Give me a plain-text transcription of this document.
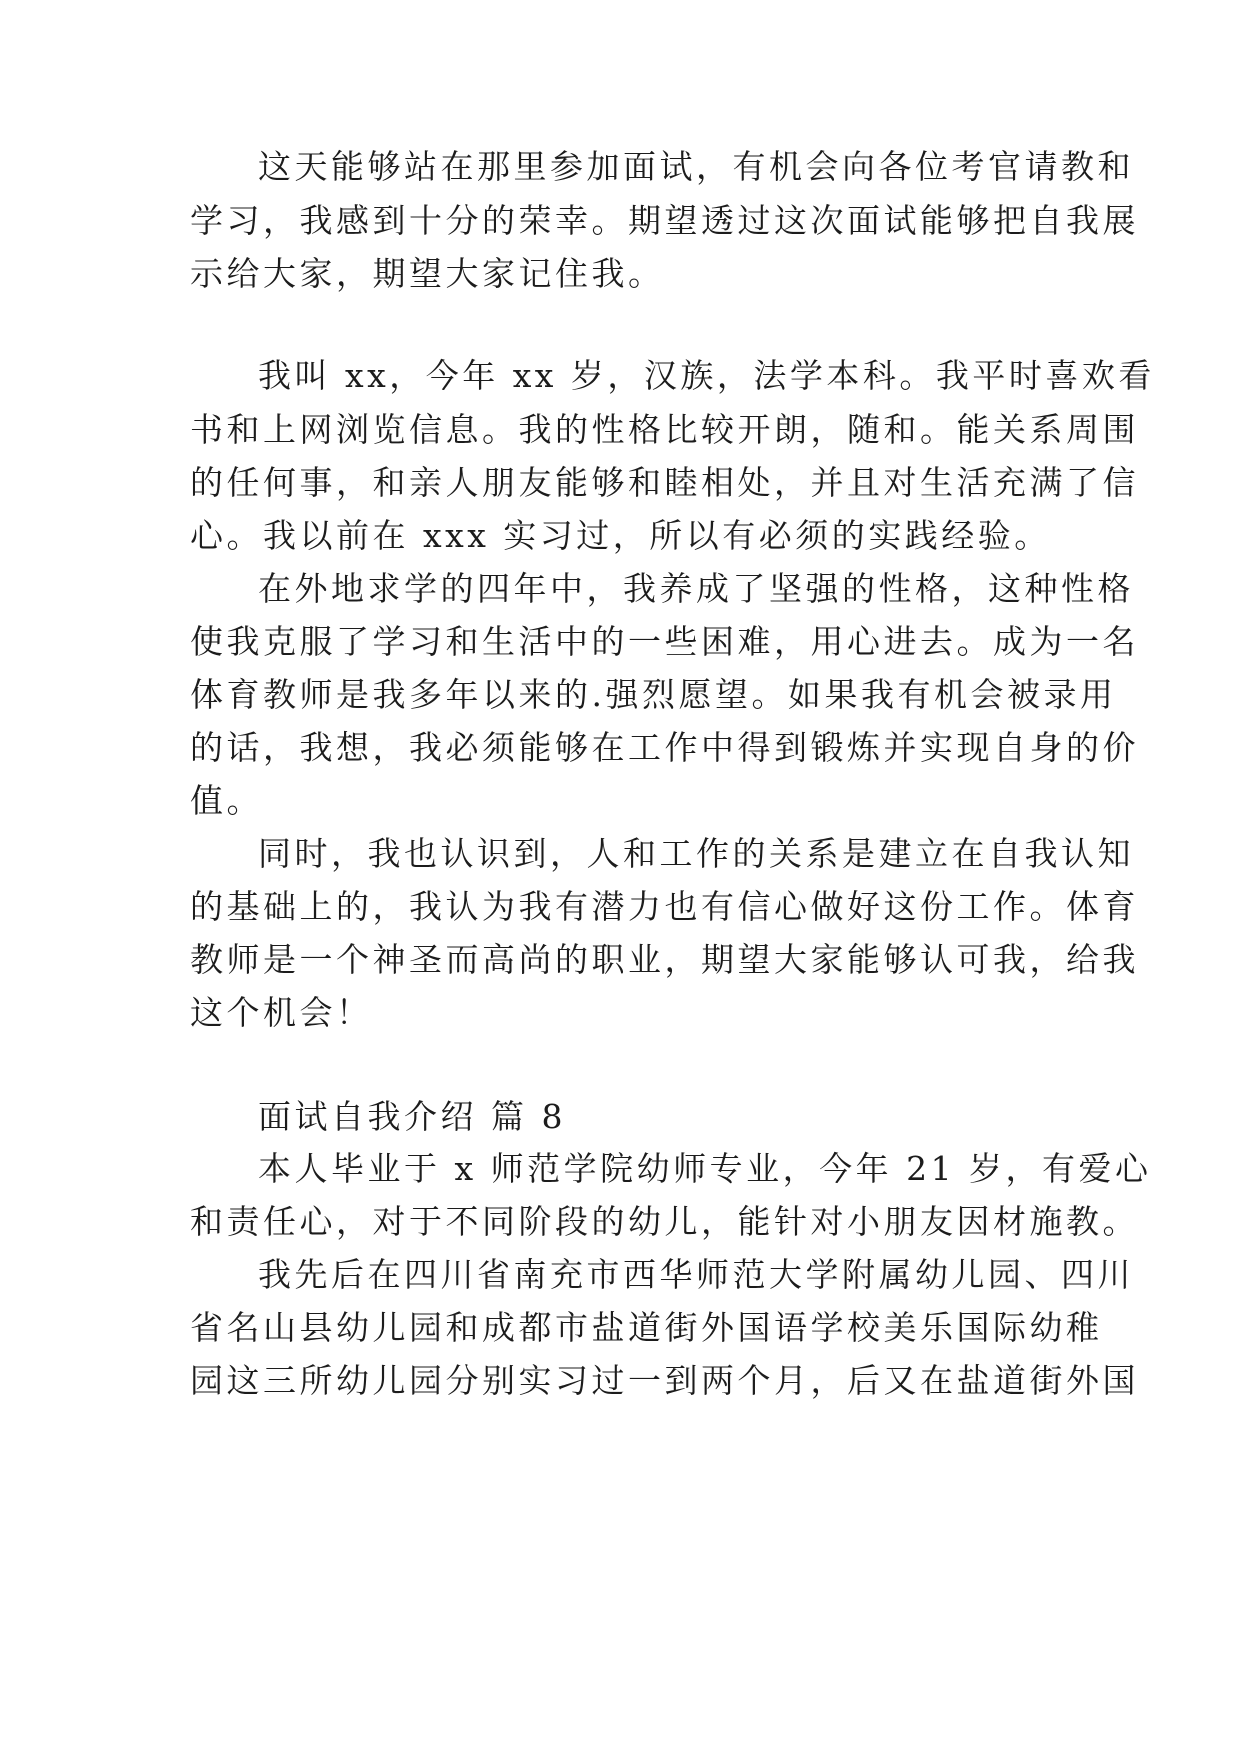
这天能够站在那里参加面试，有机会向各位考官请教和
学习，我感到十分的荣幸。期望透过这次面试能够把自我展
示给大家，期望大家记住我。
我叫 xx，今年 xx 岁，汉族，法学本科。我平时喜欢看
书和上网浏览信息。我的性格比较开朗，随和。能关系周围
的任何事，和亲人朋友能够和睦相处，并且对生活充满了信
心。我以前在 xxx 实习过，所以有必须的实践经验。
在外地求学的四年中，我养成了坚强的性格，这种性格
使我克服了学习和生活中的一些困难，用心进去。成为一名
体育教师是我多年以来的.强烈愿望。如果我有机会被录用
的话，我想，我必须能够在工作中得到锻炼并实现自身的价
值。
同时，我也认识到，人和工作的关系是建立在自我认知
的基础上的，我认为我有潜力也有信心做好这份工作。体育
教师是一个神圣而高尚的职业，期望大家能够认可我，给我
这个机会！
面试自我介绍 篇 8
本人毕业于 x 师范学院幼师专业，今年 21 岁，有爱心
和责任心，对于不同阶段的幼儿，能针对小朋友因材施教。
我先后在四川省南充市西华师范大学附属幼儿园、四川
省名山县幼儿园和成都市盐道街外国语学校美乐国际幼稚
园这三所幼儿园分别实习过一到两个月，后又在盐道街外国
